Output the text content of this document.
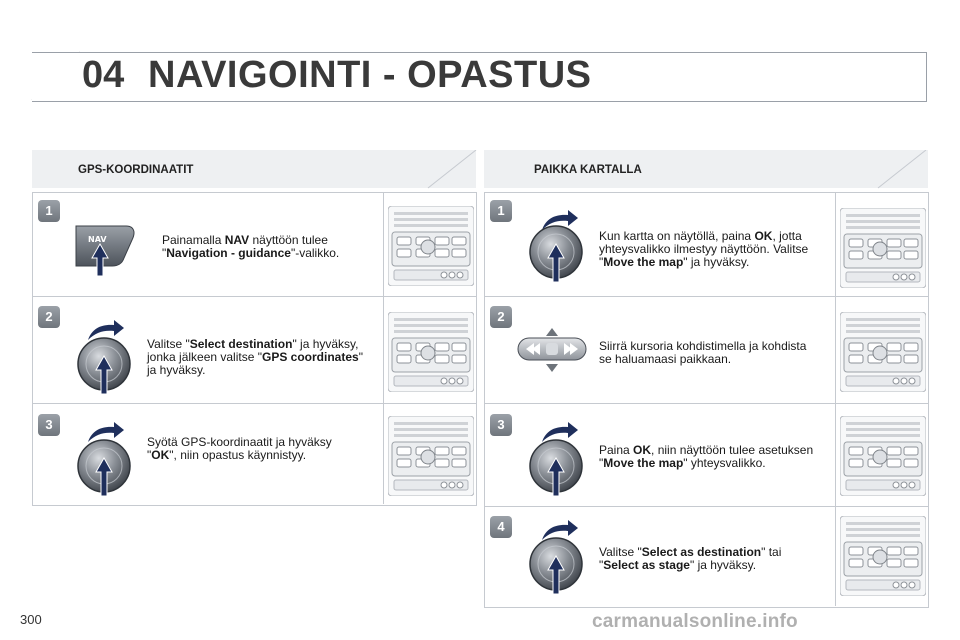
04 NAVIGOINTI - OPASTUS
GPS-KOORDINAATIT
1
NAV	Painamalla NAV näyttöön tulee
"Navigation - guidance"-valikko.
2
Valitse "Select destination" ja hyväksy,
jonka jälkeen valitse "GPS coordinates"
ja hyväksy.
3
Syötä GPS-koordinaatit ja hyväksy
"OK", niin opastus käynnistyy.
PAIKKA KARTALLA
1
Kun kartta on näytöllä, paina OK, jotta
yhteysvalikko ilmestyy näyttöön. Valitse
"Move the map" ja hyväksy.
2
Siirrä kursoria kohdistimella ja kohdista
se haluamaasi paikkaan.
3
Paina OK, niin näyttöön tulee asetuksen
"Move the map" yhteysvalikko.
4
Valitse "Select as destination" tai
"Select as stage" ja hyväksy.
300	carmanualsonline.info
